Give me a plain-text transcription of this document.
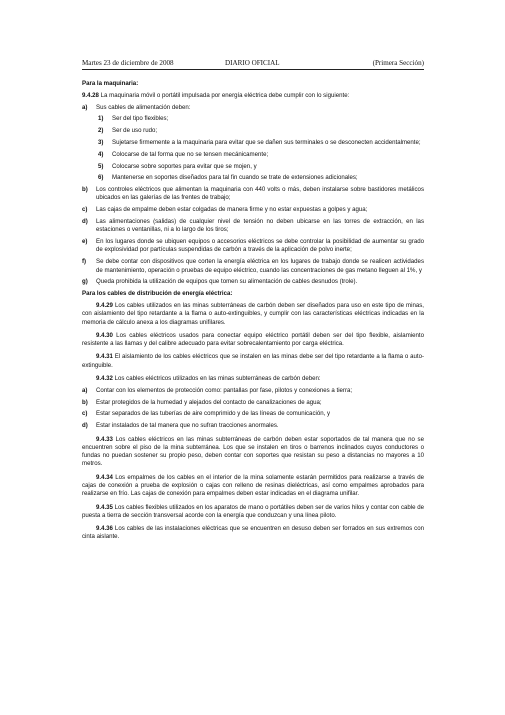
Martes 23 de diciembre de 2008	DIARIO OFICIAL	(Primera Sección)

Para la maquinaria:

9.4.28 La maquinaria móvil o portátil impulsada por energía eléctrica debe cumplir con lo siguiente:

a) Sus cables de alimentación deben:
1) Ser del tipo flexibles;
2) Ser de uso rudo;
3) Sujetarse firmemente a la maquinaria para evitar que se dañen sus terminales o se desconecten accidentalmente;
4) Colocarse de tal forma que no se tensen mecánicamente;
5) Colocarse sobre soportes para evitar que se mojen, y
6) Mantenerse en soportes diseñados para tal fin cuando se trate de extensiones adicionales;
b) Los controles eléctricos que alimentan la maquinaria con 440 volts o más, deben instalarse sobre bastidores metálicos ubicados en las galerías de las frentes de trabajo;
c) Las cajas de empalme deben estar colgadas de manera firme y no estar expuestas a golpes y agua;
d) Las alimentaciones (salidas) de cualquier nivel de tensión no deben ubicarse en las torres de extracción, en las estaciones o ventanillas, ni a lo largo de los tiros;
e) En los lugares donde se ubiquen equipos o accesorios eléctricos se debe controlar la posibilidad de aumentar su grado de explosividad por partículas suspendidas de carbón a través de la aplicación de polvo inerte;
f) Se debe contar con dispositivos que corten la energía eléctrica en los lugares de trabajo donde se realicen actividades de mantenimiento, operación o pruebas de equipo eléctrico, cuando las concentraciones de gas metano lleguen al 1%, y
g) Queda prohibida la utilización de equipos que tomen su alimentación de cables desnudos (trole).

Para los cables de distribución de energía eléctrica:

9.4.29 Los cables utilizados en las minas subterráneas de carbón deben ser diseñados para uso en este tipo de minas, con aislamiento del tipo retardante a la flama o auto-extinguibles, y cumplir con las características eléctricas indicadas en la memoria de cálculo anexa a los diagramas unifilares.

9.4.30 Los cables eléctricos usados para conectar equipo eléctrico portátil deben ser del tipo flexible, aislamiento resistente a las llamas y del calibre adecuado para evitar sobrecalentamiento por carga eléctrica.

9.4.31 El aislamiento de los cables eléctricos que se instalen en las minas debe ser del tipo retardante a la flama o auto-extinguible.

9.4.32 Los cables eléctricos utilizados en las minas subterráneas de carbón deben:

a) Contar con los elementos de protección como: pantallas por fase, pilotos y conexiones a tierra;
b) Estar protegidos de la humedad y alejados del contacto de canalizaciones de agua;
c) Estar separados de las tuberías de aire comprimido y de las líneas de comunicación, y
d) Estar instalados de tal manera que no sufran tracciones anormales.

9.4.33 Los cables eléctricos en las minas subterráneas de carbón deben estar soportados de tal manera que no se encuentren sobre el piso de la mina subterránea. Los que se instalen en tiros o barrenos inclinados cuyos conductores o fundas no puedan sostener su propio peso, deben contar con soportes que resistan su peso a distancias no mayores a 10 metros.

9.4.34 Los empalmes de los cables en el interior de la mina solamente estarán permitidos para realizarse a través de cajas de conexión a prueba de explosión o cajas con relleno de resinas dieléctricas, así como empalmes aprobados para realizarse en frío. Las cajas de conexión para empalmes deben estar indicadas en el diagrama unifilar.

9.4.35 Los cables flexibles utilizados en los aparatos de mano o portátiles deben ser de varios hilos y contar con cable de puesta a tierra de sección transversal acorde con la energía que conduzcan y una línea piloto.

9.4.36 Los cables de las instalaciones eléctricas que se encuentren en desuso deben ser forrados en sus extremos con cinta aislante.
